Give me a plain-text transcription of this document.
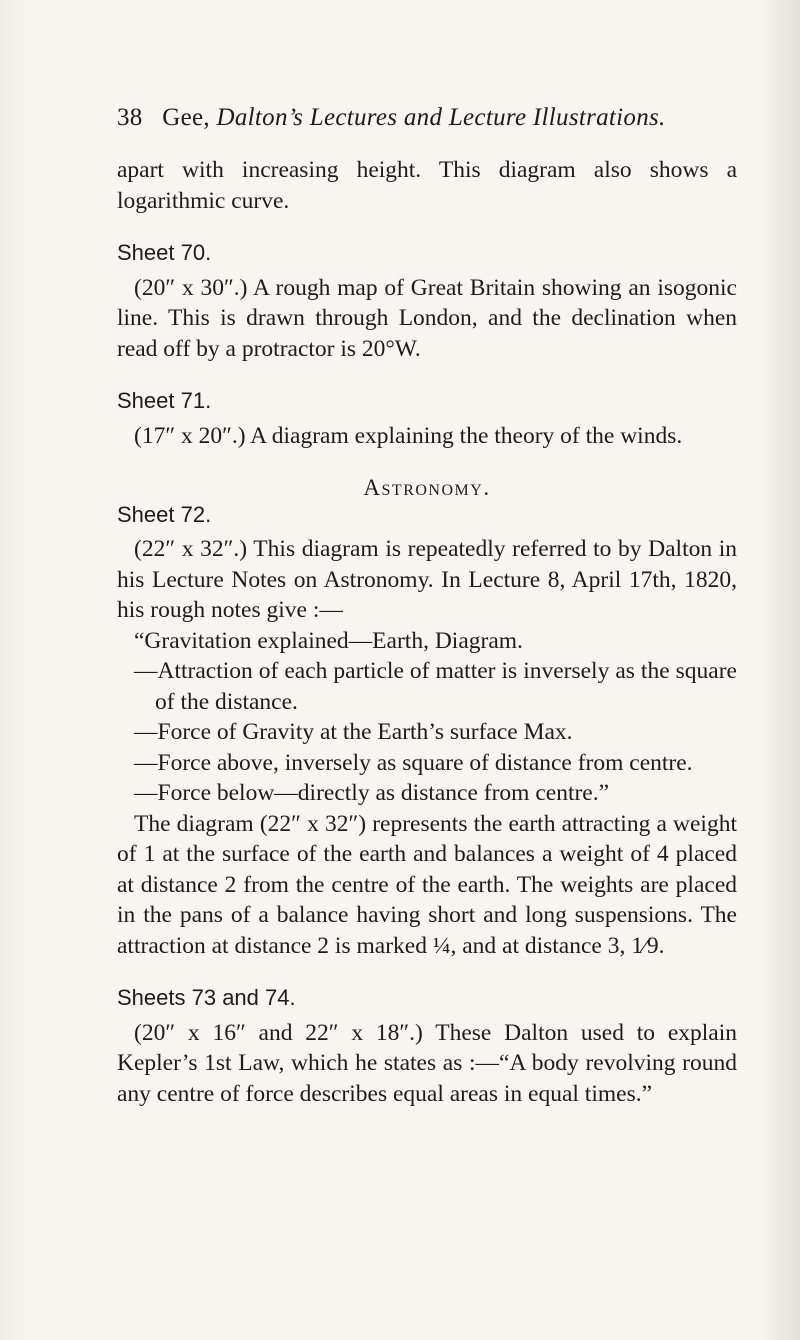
38 Gee, Dalton’s Lectures and Lecture Illustrations.

apart with increasing height. This diagram also shows a logarithmic curve.

Sheet 70.

(20″ x 30″.) A rough map of Great Britain showing an isogonic line. This is drawn through London, and the declination when read off by a protractor is 20°W.

Sheet 71.

(17″ x 20″.) A diagram explaining the theory of the winds.

Astronomy.
Sheet 72.

(22″ x 32″.) This diagram is repeatedly referred to by Dalton in his Lecture Notes on Astronomy. In Lecture 8, April 17th, 1820, his rough notes give :—

“Gravitation explained—Earth, Diagram.

—Attraction of each particle of matter is inversely as the square of the distance.

—Force of Gravity at the Earth’s surface Max.

—Force above, inversely as square of distance from centre.

—Force below—directly as distance from centre.”

The diagram (22″ x 32″) represents the earth attracting a weight of 1 at the surface of the earth and balances a weight of 4 placed at distance 2 from the centre of the earth. The weights are placed in the pans of a balance having short and long suspensions. The attraction at distance 2 is marked ¼, and at distance 3, 1⁄9.

Sheets 73 and 74.

(20″ x 16″ and 22″ x 18″.) These Dalton used to explain Kepler’s 1st Law, which he states as :—“A body revolving round any centre of force describes equal areas in equal times.”
